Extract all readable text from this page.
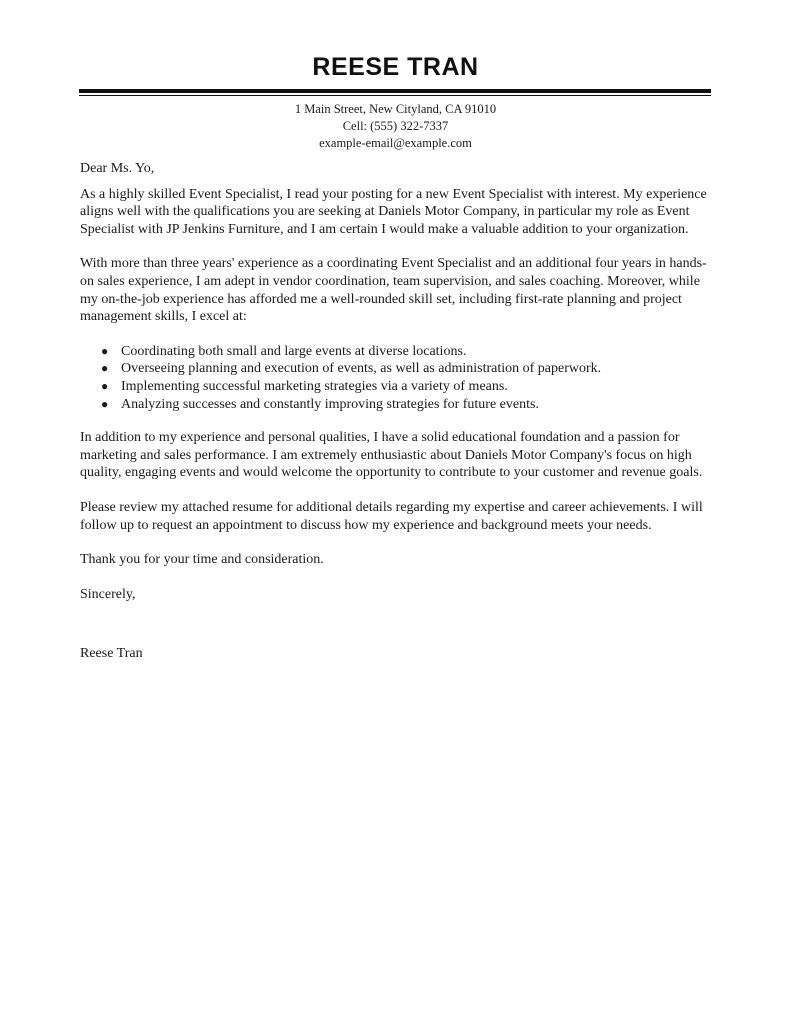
REESE TRAN
1 Main Street, New Cityland, CA 91010
Cell: (555) 322-7337
example-email@example.com

Dear Ms. Yo,

As a highly skilled Event Specialist, I read your posting for a new Event Specialist with interest. My experience aligns well with the qualifications you are seeking at Daniels Motor Company, in particular my role as Event Specialist with JP Jenkins Furniture, and I am certain I would make a valuable addition to your organization.

With more than three years' experience as a coordinating Event Specialist and an additional four years in hands-on sales experience, I am adept in vendor coordination, team supervision, and sales coaching. Moreover, while my on-the-job experience has afforded me a well-rounded skill set, including first-rate planning and project management skills, I excel at:

● Coordinating both small and large events at diverse locations.
● Overseeing planning and execution of events, as well as administration of paperwork.
● Implementing successful marketing strategies via a variety of means.
● Analyzing successes and constantly improving strategies for future events.

In addition to my experience and personal qualities, I have a solid educational foundation and a passion for marketing and sales performance. I am extremely enthusiastic about Daniels Motor Company's focus on high quality, engaging events and would welcome the opportunity to contribute to your customer and revenue goals.

Please review my attached resume for additional details regarding my expertise and career achievements. I will follow up to request an appointment to discuss how my experience and background meets your needs.

Thank you for your time and consideration.

Sincerely,

Reese Tran
